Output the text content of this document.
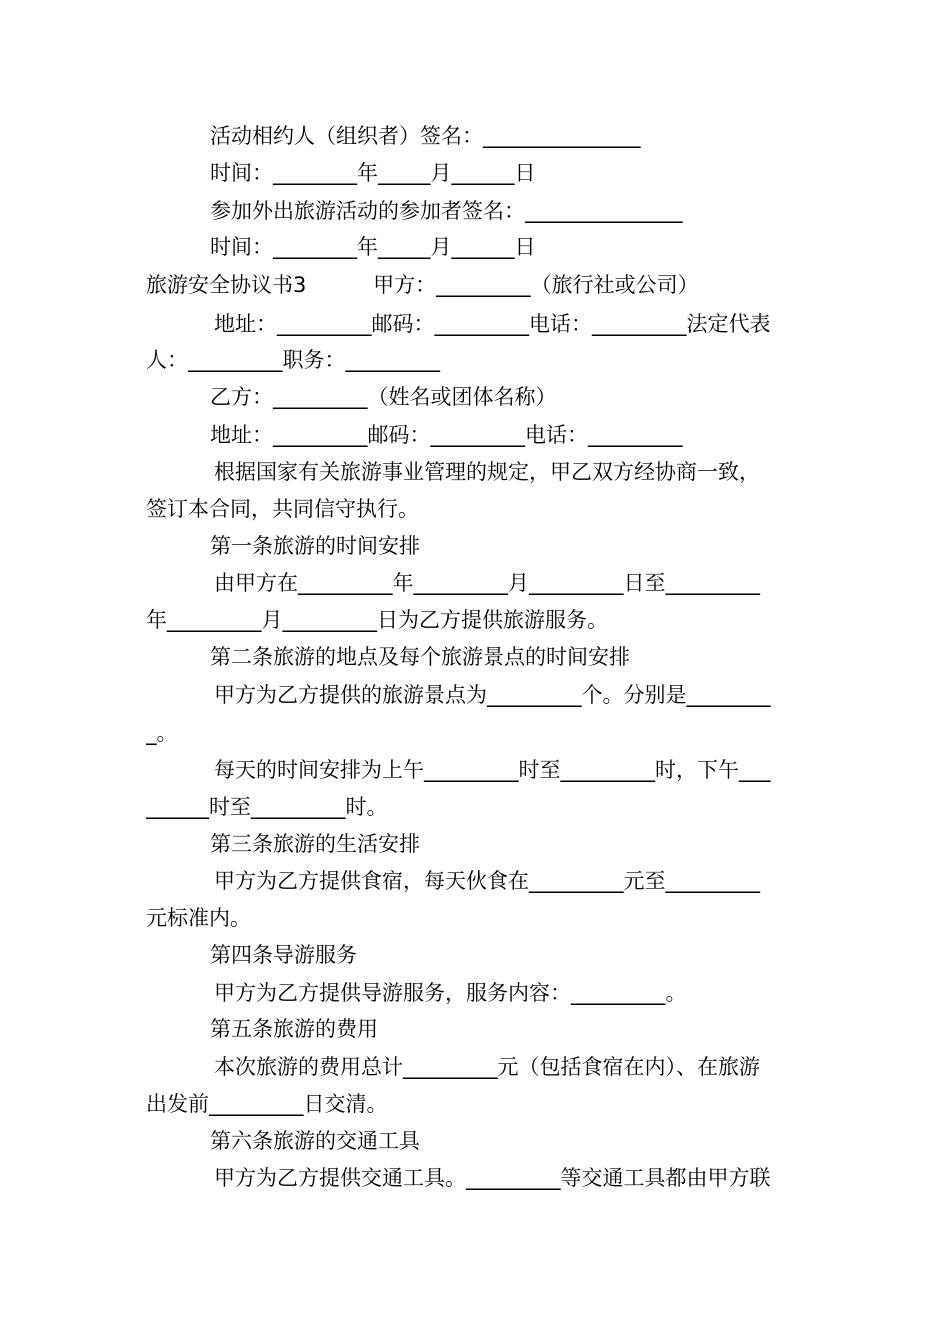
活动相约人（组织者）签名：_______________
时间：________年_____月______日
参加外出旅游活动的参加者签名：_______________
时间：________年_____月______日
旅游安全协议书3          甲方：_________（旅行社或公司）
地址：_________邮码：_________电话：_________法定代表
人：_________职务：_________
乙方：_________（姓名或团体名称）
地址：_________邮码：_________电话：_________
根据国家有关旅游事业管理的规定，甲乙双方经协商一致，
签订本合同，共同信守执行。
第一条旅游的时间安排
由甲方在_________年_________月_________日至_________
年_________月_________日为乙方提供旅游服务。
第二条旅游的地点及每个旅游景点的时间安排
甲方为乙方提供的旅游景点为_________个。分别是________
_。
每天的时间安排为上午_________时至_________时，下午___
______时至_________时。
第三条旅游的生活安排
甲方为乙方提供食宿，每天伙食在_________元至_________
元标准内。
第四条导游服务
甲方为乙方提供导游服务，服务内容：_________。
第五条旅游的费用
本次旅游的费用总计_________元（包括食宿在内）、在旅游
出发前_________日交清。
第六条旅游的交通工具
甲方为乙方提供交通工具。_________等交通工具都由甲方联
